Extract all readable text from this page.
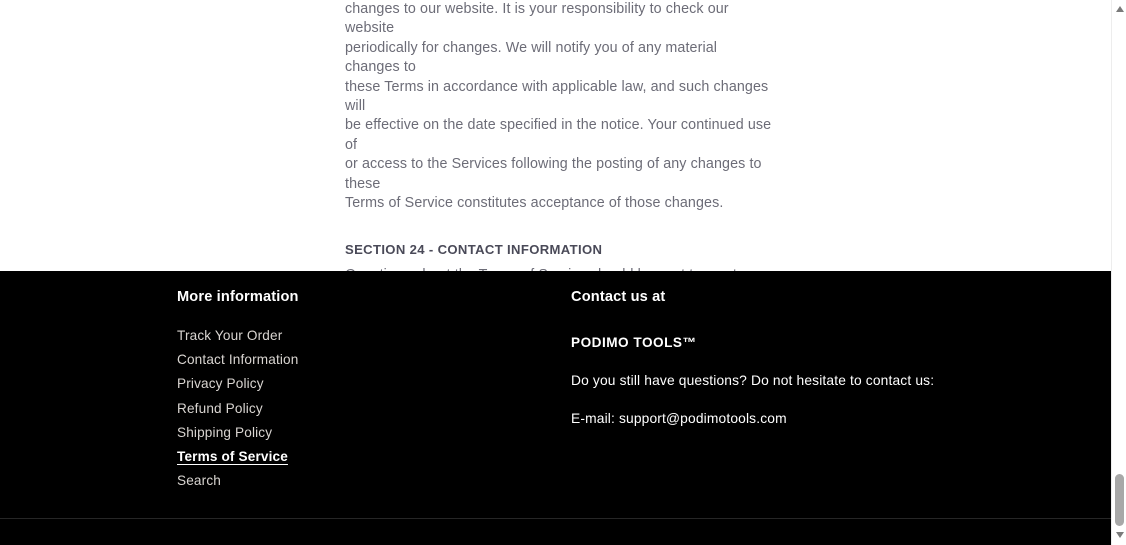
changes to our website. It is your responsibility to check our website
periodically for changes. We will notify you of any material changes to
these Terms in accordance with applicable law, and such changes will
be effective on the date specified in the notice. Your continued use of
or access to the Services following the posting of any changes to these
Terms of Service constitutes acceptance of those changes.

SECTION 24 - CONTACT INFORMATION

More information
Track Your Order
Contact Information
Privacy Policy
Refund Policy
Shipping Policy
Terms of Service
Search
Contact us at

PODIMO TOOLS™

Do you still have questions? Do not hesitate to contact us:

E-mail: support@podimotools.com
